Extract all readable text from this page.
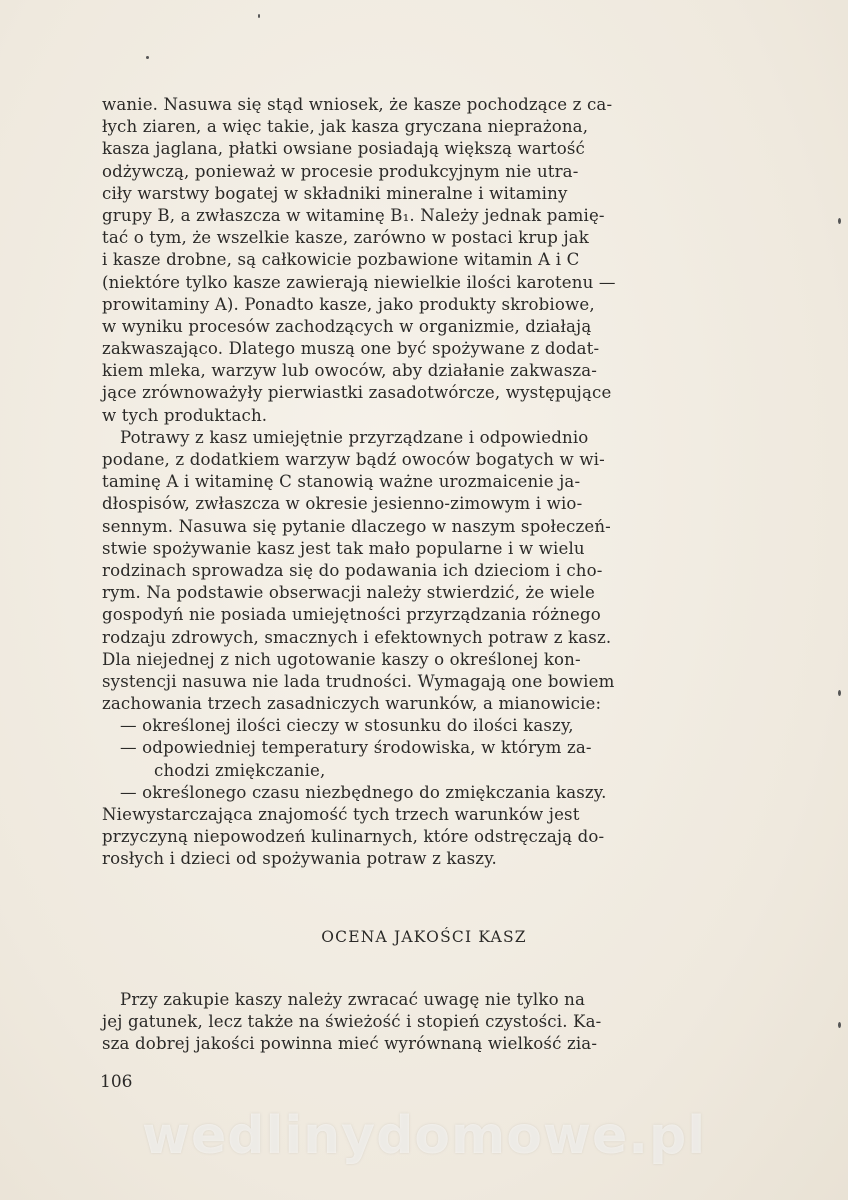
wanie. Nasuwa się stąd wniosek, że kasze pochodzące z ca-
łych ziaren, a więc takie, jak kasza gryczana nieprażona,
kasza jaglana, płatki owsiane posiadają większą wartość
odżywczą, ponieważ w procesie produkcyjnym nie utra-
ciły warstwy bogatej w składniki mineralne i witaminy
grupy B, a zwłaszcza w witaminę B₁. Należy jednak pamię-
tać o tym, że wszelkie kasze, zarówno w postaci krup jak
i kasze drobne, są całkowicie pozbawione witamin A i C
(niektóre tylko kasze zawierają niewielkie ilości karotenu —
prowitaminy A). Ponadto kasze, jako produkty skrobiowe,
w wyniku procesów zachodzących w organizmie, działają
zakwaszająco. Dlatego muszą one być spożywane z dodat-
kiem mleka, warzyw lub owoców, aby działanie zakwasza-
jące zrównoważyły pierwiastki zasadotwórcze, występujące
w tych produktach.

Potrawy z kasz umiejętnie przyrządzane i odpowiednio
podane, z dodatkiem warzyw bądź owoców bogatych w wi-
taminę A i witaminę C stanowią ważne urozmaicenie ja-
dłospisów, zwłaszcza w okresie jesienno-zimowym i wio-
sennym. Nasuwa się pytanie dlaczego w naszym społeczeń-
stwie spożywanie kasz jest tak mało popularne i w wielu
rodzinach sprowadza się do podawania ich dzieciom i cho-
rym. Na podstawie obserwacji należy stwierdzić, że wiele
gospodyń nie posiada umiejętności przyrządzania różnego
rodzaju zdrowych, smacznych i efektownych potraw z kasz.
Dla niejednej z nich ugotowanie kaszy o określonej kon-
systencji nasuwa nie lada trudności. Wymagają one bowiem
zachowania trzech zasadniczych warunków, a mianowicie:

— określonej ilości cieczy w stosunku do ilości kaszy,
— odpowiedniej temperatury środowiska, w którym za-
chodzi zmiękczanie,
— określonego czasu niezbędnego do zmiękczania kaszy.

Niewystarczająca znajomość tych trzech warunków jest
przyczyną niepowodzeń kulinarnych, które odstręczają do-
rosłych i dzieci od spożywania potraw z kaszy.

OCENA JAKOŚCI KASZ

Przy zakupie kaszy należy zwracać uwagę nie tylko na
jej gatunek, lecz także na świeżość i stopień czystości. Ka-
sza dobrej jakości powinna mieć wyrównaną wielkość zia-

106
wedlinydomowe.pl
